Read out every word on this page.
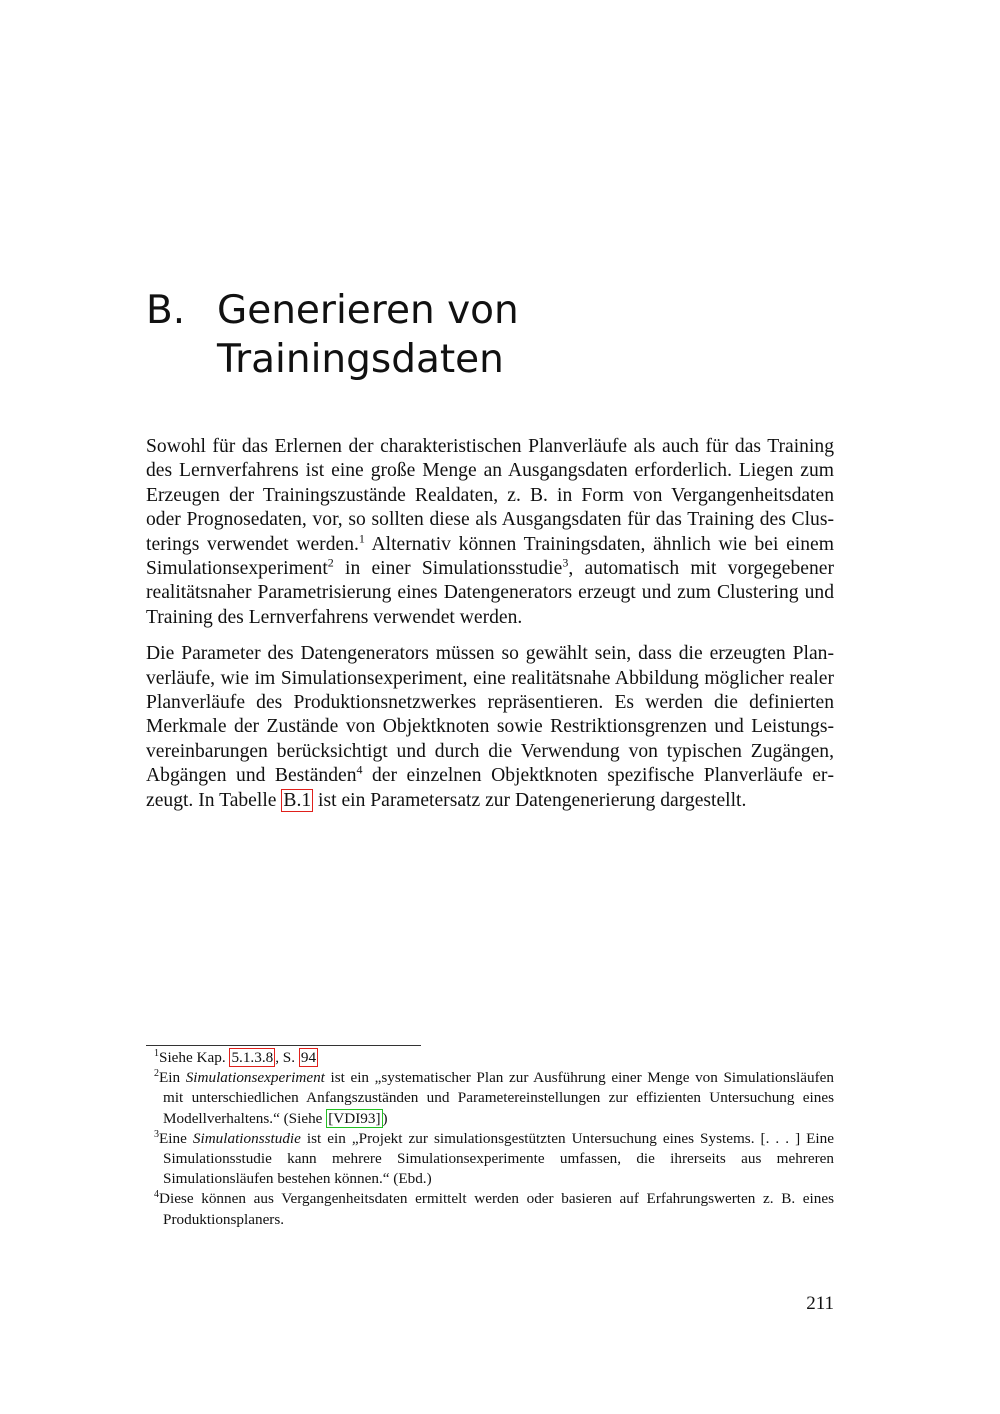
B. Generieren von
Trainingsdaten

Sowohl für das Erlernen der charakteristischen Planverläufe als auch für das Training des Lernverfahrens ist eine große Menge an Ausgangsdaten erforderlich. Liegen zum Erzeugen der Trainingszustände Realdaten, z. B. in Form von Vergangenheitsdaten oder Prognosedaten, vor, so sollten diese als Ausgangsdaten für das Training des Clusterings verwendet werden.$^1$ Alternativ können Trainingsdaten, ähnlich wie bei einem Simulationsexperiment$^2$ in einer Simulationsstudie$^3$, automatisch mit vorgegebener realitätsnaher Parametrisierung eines Datengenerators erzeugt und zum Clustering und Training des Lernverfahrens verwendet werden.

Die Parameter des Datengenerators müssen so gewählt sein, dass die erzeugten Planverläufe, wie im Simulationsexperiment, eine realitätsnahe Abbildung möglicher realer Planverläufe des Produktionsnetzwerkes repräsentieren. Es werden die definierten Merkmale der Zustände von Objektknoten sowie Restriktionsgrenzen und Leistungsvereinbarungen berücksichtigt und durch die Verwendung von typischen Zugängen, Abgängen und Beständen$^4$ der einzelnen Objektknoten spezifische Planverläufe erzeugt. In Tabelle B.1 ist ein Parametersatz zur Datengenerierung dargestellt.

$^1$Siehe Kap. 5.1.3.8 , S. 94

$^2$Ein Simulationsexperiment ist ein „systematischer Plan zur Ausführung einer Menge von Simulationsläufen mit unterschiedlichen Anfangszuständen und Parametereinstellungen zur effizienten Untersuchung eines Modellverhaltens.“ (Siehe [VDI93] )

$^3$Eine Simulationsstudie ist ein „Projekt zur simulationsgestützten Untersuchung eines Systems. [. . . ] Eine Simulationsstudie kann mehrere Simulationsexperimente umfassen, die ihrerseits aus mehreren Simulationsläufen bestehen können.“ (Ebd.)

$^4$Diese können aus Vergangenheitsdaten ermittelt werden oder basieren auf Erfahrungswerten z. B. eines Produktionsplaners.

211
